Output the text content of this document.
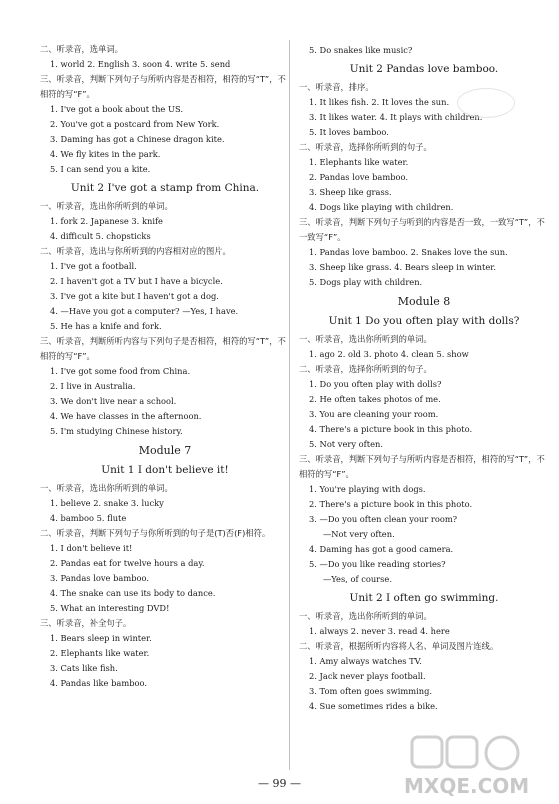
二、听录音，选单词。
1. world 2. English 3. soon 4. write 5. send
三、听录音，判断下列句子与所听内容是否相符，相符的写“T”，不相符的写“F”。
1. I've got a book about the US.
2. You've got a postcard from New York.
3. Daming has got a Chinese dragon kite.
4. We fly kites in the park.
5. I can send you a kite.
Unit 2 I've got a stamp from China.
一、听录音，选出你所听到的单词。
1. fork 2. Japanese 3. knife
4. difficult 5. chopsticks
二、听录音，选出与你所听到的内容相对应的图片。
1. I've got a football.
2. I haven't got a TV but I have a bicycle.
3. I've got a kite but I haven't got a dog.
4. —Have you got a computer? —Yes, I have.
5. He has a knife and fork.
三、听录音，判断所听内容与下列句子是否相符，相符的写“T”，不相符的写“F”。
1. I've got some food from China.
2. I live in Australia.
3. We don't live near a school.
4. We have classes in the afternoon.
5. I'm studying Chinese history.
Module 7
Unit 1 I don't believe it!
一、听录音，选出你所听到的单词。
1. believe 2. snake 3. lucky
4. bamboo 5. flute
二、听录音，判断下列句子与你所听到的句子是(T)否(F)相符。
1. I don't believe it!
2. Pandas eat for twelve hours a day.
3. Pandas love bamboo.
4. The snake can use its body to dance.
5. What an interesting DVD!
三、听录音，补全句子。
1. Bears sleep in winter.
2. Elephants like water.
3. Cats like fish.
4. Pandas like bamboo.
5. Do snakes like music?
Unit 2 Pandas love bamboo.
一、听录音，排序。
1. It likes fish. 2. It loves the sun.
3. It likes water. 4. It plays with children.
5. It loves bamboo.
二、听录音，选择你所听到的句子。
1. Elephants like water.
2. Pandas love bamboo.
3. Sheep like grass.
4. Dogs like playing with children.
三、听录音，判断下列句子与听到的内容是否一致，一致写“T”，不一致写“F”。
1. Pandas love bamboo. 2. Snakes love the sun.
3. Sheep like grass. 4. Bears sleep in winter.
5. Dogs play with children.
Module 8
Unit 1 Do you often play with dolls?
一、听录音，选出你所听到的单词。
1. ago 2. old 3. photo 4. clean 5. show
二、听录音，选择你所听到的句子。
1. Do you often play with dolls?
2. He often takes photos of me.
3. You are cleaning your room.
4. There's a picture book in this photo.
5. Not very often.
三、听录音，判断下列句子与所听内容是否相符，相符的写“T”，不相符的写“F”。
1. You're playing with dogs.
2. There's a picture book in this photo.
3. —Do you often clean your room?
—Not very often.
4. Daming has got a good camera.
5. —Do you like reading stories?
—Yes, of course.
Unit 2 I often go swimming.
一、听录音，选出你所听到的单词。
1. always 2. never 3. read 4. here
二、听录音，根据所听内容将人名、单词及图片连线。
1. Amy always watches TV.
2. Jack never plays football.
3. Tom often goes swimming.
4. Sue sometimes rides a bike.
— 99 —	MXQE.COM
